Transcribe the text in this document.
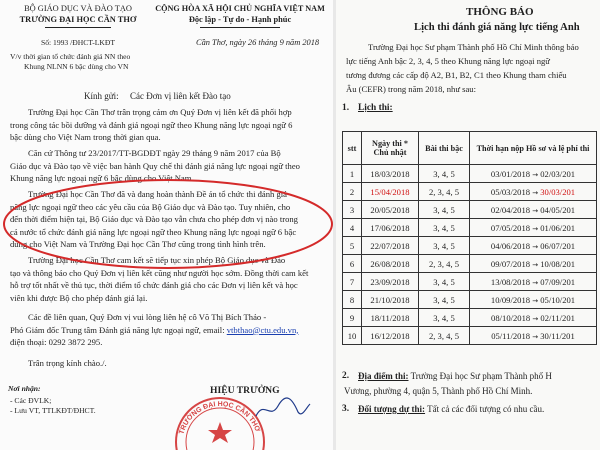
BỘ GIÁO DỤC VÀ ĐÀO TẠO
TRƯỜNG ĐẠI HỌC CẦN THƠ
Số: 1993 /ĐHCT-LKĐT
V/v thời gian tổ chức đánh giá NN theo
Khung NLNN 6 bậc dùng cho VN
CỘNG HÒA XÃ HỘI CHỦ NGHĨA VIỆT NAM
Độc lập - Tự do - Hạnh phúc
Cần Thơ, ngày 26 tháng 9 năm 2018
Kính gửi: Các Đơn vị liên kết Đào tạo
Trường Đại học Cần Thơ trân trọng cảm ơn Quý Đơn vị liên kết đã phối hợp
trong công tác bồi dưỡng và đánh giá ngoại ngữ theo Khung năng lực ngoại ngữ 6
bậc dùng cho Việt Nam trong thời gian qua.
Căn cứ Thông tư 23/2017/TT-BGDĐT ngày 29 tháng 9 năm 2017 của Bộ
Giáo dục và Đào tạo về việc ban hành Quy chế thi đánh giá năng lực ngoại ngữ theo
Khung năng lực ngoại ngữ 6 bậc dùng cho Việt Nam.
Trường Đại học Cần Thơ đã và đang hoàn thành Đề án tổ chức thi đánh giá
năng lực ngoại ngữ theo các yêu cầu của Bộ Giáo dục và Đào tạo. Tuy nhiên, cho
đến thời điểm hiện tại, Bộ Giáo dục và Đào tạo vẫn chưa cho phép đơn vị nào trong
cả nước tổ chức đánh giá năng lực ngoại ngữ theo Khung năng lực ngoại ngữ 6 bậc
dùng cho Việt Nam và Trường Đại học Cần Thơ cũng trong tình hình trên.
Trường Đại học Cần Thơ cam kết sẽ tiếp tục xin phép Bộ Giáo dục và Đào
tạo và thông báo cho Quý Đơn vị liên kết cũng như người học sớm. Đồng thời cam kết
hỗ trợ tốt nhất về thủ tục, thời điểm tổ chức đánh giá cho các Đơn vị liên kết và học
viên khi được Bộ cho phép đánh giá lại.
Các đề liên quan, Quý Đơn vị vui lòng liên hệ cô Võ Thị Bích Thảo -
Phó Giám đốc Trung tâm Đánh giá năng lực ngoại ngữ, email: vtbthao@ctu.edu.vn,
điện thoại: 0292 3872 295.
Trân trọng kính chào./.
Nơi nhận:
- Các ĐVLK;
- Lưu VT, TTLKĐT/ĐHCT.
HIỆU TRƯỞNG
TRƯỜNG ĐẠI HỌC CẦN THƠ
THÔNG BÁO
Lịch thi đánh giá năng lực tiếng Anh
Trường Đại học Sư phạm Thành phố Hồ Chí Minh thông báo
lực tiếng Anh bậc 2, 3, 4, 5 theo Khung năng lực ngoại ngữ
tương đương các cấp độ A2, B1, B2, C1 theo Khung tham chiếu
Âu (CEFR) trong năm 2018, như sau:
1. Lịch thi:
2. Địa điểm thi: Trường Đại học Sư phạm Thành phố H
Vương, phường 4, quận 5, Thành phố Hồ Chí Minh.
3. Đối tượng dự thi: Tất cả các đối tượng có nhu cầu.
stt	Ngày thi * Chủ nhật	Bài thi bậc	Thời hạn nộp Hồ sơ và lệ phí thi
1	18/03/2018	3, 4, 5	03/01/2018 → 02/03/201
2	15/04/2018	2, 3, 4, 5	05/03/2018 → 30/03/201
3	20/05/2018	3, 4, 5	02/04/2018 → 04/05/201
4	17/06/2018	3, 4, 5	07/05/2018 → 01/06/201
5	22/07/2018	3, 4, 5	04/06/2018 → 06/07/201
6	26/08/2018	2, 3, 4, 5	09/07/2018 → 10/08/201
7	23/09/2018	3, 4, 5	13/08/2018 → 07/09/201
8	21/10/2018	3, 4, 5	10/09/2018 → 05/10/201
9	18/11/2018	3, 4, 5	08/10/2018 → 02/11/201
10	16/12/2018	2, 3, 4, 5	05/11/2018 → 30/11/201
